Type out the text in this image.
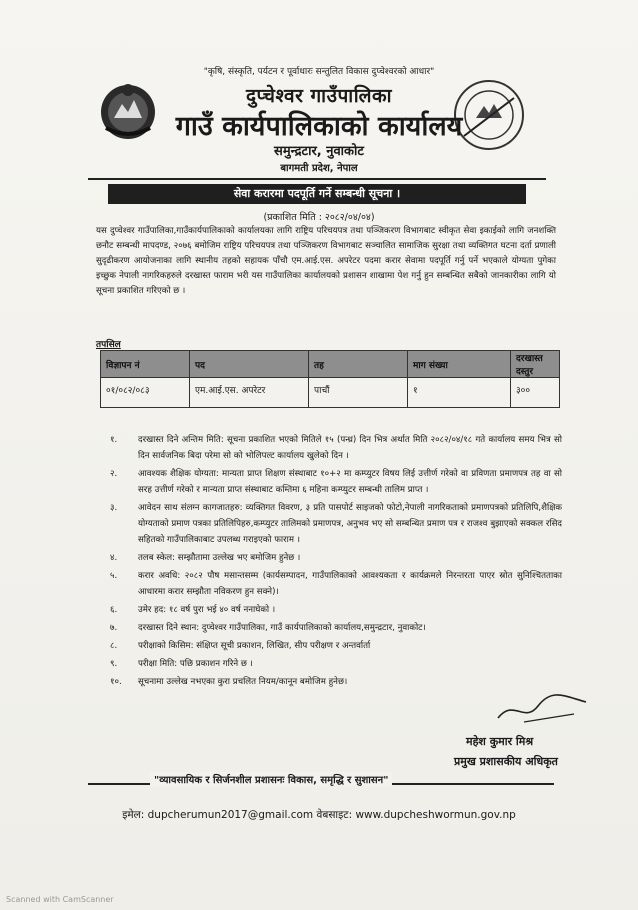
"कृषि, संस्कृति, पर्यटन र पूर्वाधारः सन्तुलित विकास दुप्चेश्वरको आधार"
दुप्चेश्वर गाउँपालिका
गाउँ कार्यपालिकाको कार्यालय
समुन्द्रटार, नुवाकोट
बागमती प्रदेश, नेपाल
सेवा करारमा पदपूर्ति गर्ने सम्बन्धी सूचना ।
(प्रकाशित मिति : २०८२/०४/०४)
यस दुप्चेश्वर गाउँपालिका,गाउँकार्यपालिकाको कार्यालयका लागि राष्ट्रिय परिचयपत्र तथा पञ्जिकरण विभागबाट स्वीकृत सेवा इकाईको लागि जनशक्ति छनौट सम्बन्धी मापदण्ड, २०७६ बमोजिम राष्ट्रिय परिचयपत्र तथा पञ्जिकरण विभागबाट सञ्चालित सामाजिक सुरक्षा तथा व्यक्तिगत घटना दर्ता प्रणाली सुदृढीकरण आयोजनाका लागि स्थानीय तहको सहायक पाँचौ एम.आई.एस. अपरेटर पदमा करार सेवामा पदपूर्ति गर्नु पर्ने भएकाले योग्यता पुगेका इच्छुक नेपाली नागरिकहरुले दरखास्त फाराम भरी यस गाउँपालिका कार्यालयको प्रशासन शाखामा पेश गर्नु हुन सम्बन्धित सबैको जानकारीका लागि यो सूचना प्रकाशित गरिएको छ ।
तपसिल
विज्ञापन नं	पद	तह	माग संख्या	दरखास्त दस्तुर
०१/०८२/०८३	एम.आई.एस. अपरेटर	पाचौं	१	३००
१. दरखास्त दिने अन्तिम मिति: सूचना प्रकाशित भएको मितिले १५ (पन्ध्र) दिन भित्र अर्थात मिति २०८२/०४/१८ गते कार्यालय समय भित्र सो दिन सार्वजनिक बिदा परेमा सो को भोलिपल्ट कार्यालय खुलेको दिन ।
२. आवश्यक शैक्षिक योग्यता: मान्यता प्राप्त शिक्षण संस्थाबाट १०+२ मा कम्प्युटर विषय लिई उत्तीर्ण गरेको वा प्रविणता प्रमाणपत्र तह वा सो सरह उत्तीर्ण गरेको र मान्यता प्राप्त संस्थाबाट कम्तिमा ६ महिना कम्प्युटर सम्बन्धी तालिम प्राप्त ।
३. आवेदन साथ संलग्न कागजातहरु: व्यक्तिगत विवरण, ३ प्रति पासपोर्ट साइजको फोटो,नेपाली नागरिकताको प्रमाणपत्रको प्रतिलिपि,शैक्षिक योग्यताको प्रमाण पत्रका प्रतिलिपिहरु,कम्प्युटर तालिमको प्रमाणपत्र, अनुभव भए सो सम्बन्धित प्रमाण पत्र र राजश्व बुझाएको सक्कल रसिद सहितको गाउँपालिकाबाट उपलब्ध गराइएको फाराम ।
४. तलब स्केल: सम्झौतामा उल्लेख भए बमोजिम हुनेछ ।
५. करार अवधि: २०८२ पौष मसान्तसम्म (कार्यसम्पादन, गाउँपालिकाको आवश्यकता र कार्यक्रमले निरन्तरता पाएर स्रोत सुनिश्चितताका आधारमा करार सम्झौता नविकरण हुन सक्ने)।
६. उमेर हद: १८ वर्ष पुरा भई ४० वर्ष ननाघेको ।
७. दरखास्त दिने स्थान: दुप्चेश्वर गाउँपालिका, गाउँ कार्यपालिकाको कार्यालय,समुन्द्रटार, नुवाकोट।
८. परीक्षाको किसिम: संक्षिप्त सूची प्रकाशन, लिखित, सीप परीक्षण र अन्तर्वार्ता
९. परीक्षा मिति: पछि प्रकाशन गरिने छ ।
१०. सूचनामा उल्लेख नभएका कुरा प्रचलित नियम/कानून बमोजिम हुनेछ।
महेश कुमार मिश्र
प्रमुख प्रशासकीय अधिकृत
"व्यावसायिक र सिर्जनशील प्रशासनः विकास, समृद्धि र सुशासन"
इमेल: dupcherumun2017@gmail.com वेबसाइट: www.dupcheshwormun.gov.np
Scanned with CamScanner
